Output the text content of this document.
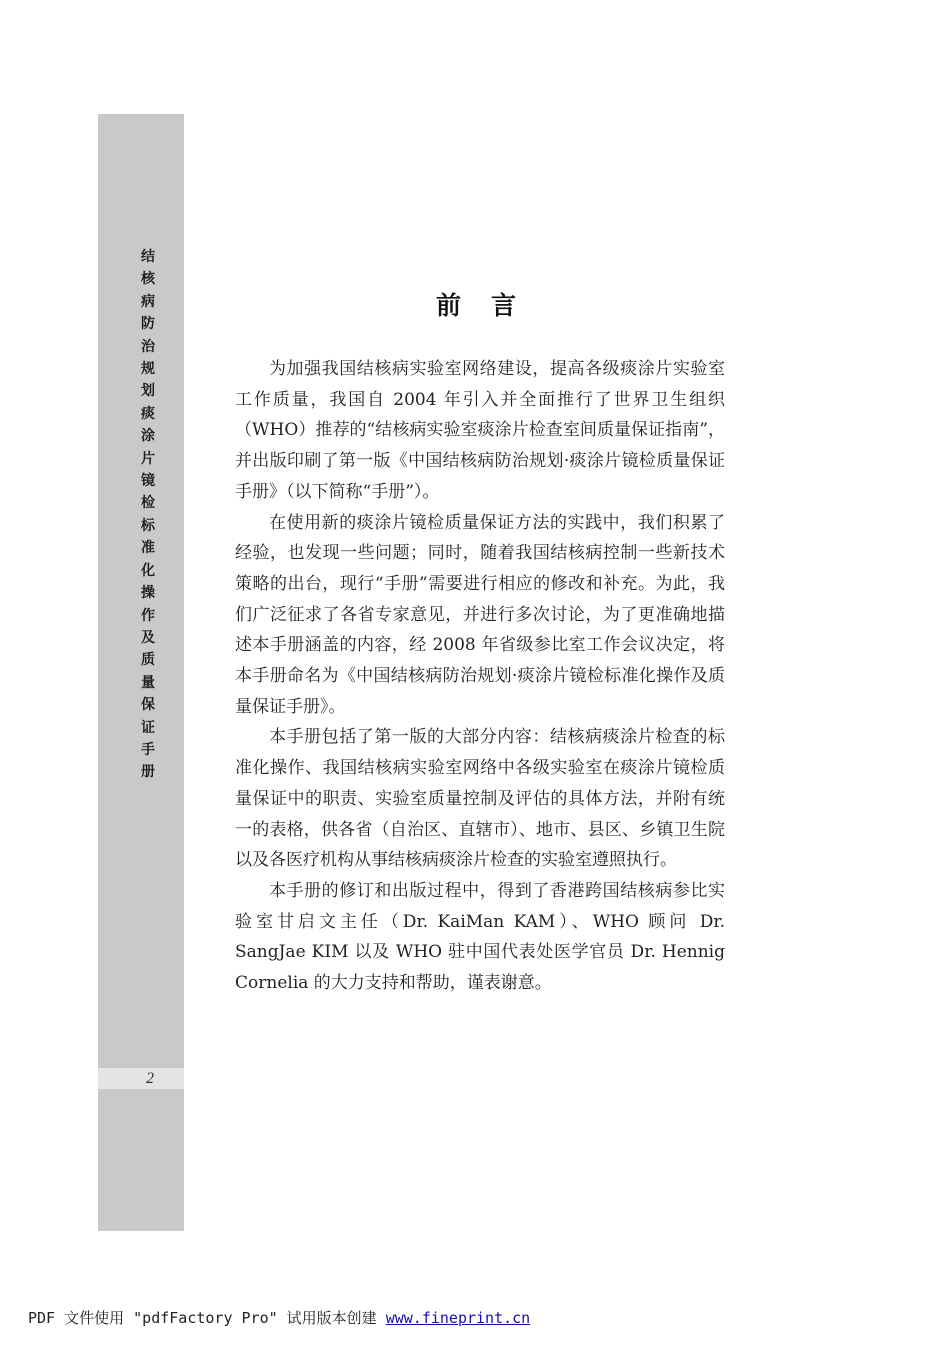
结核病防治规划　痰涂片镜检标准化操作及质量保证手册
2
前言

为加强我国结核病实验室网络建设，提高各级痰涂片实验室工作质量，我国自 2004 年引入并全面推行了世界卫生组织（WHO）推荐的“结核病实验室痰涂片检查室间质量保证指南”，并出版印刷了第一版《中国结核病防治规划·痰涂片镜检质量保证手册》（以下简称“手册”）。

在使用新的痰涂片镜检质量保证方法的实践中，我们积累了经验，也发现一些问题；同时，随着我国结核病控制一些新技术策略的出台，现行“手册”需要进行相应的修改和补充。为此，我们广泛征求了各省专家意见，并进行多次讨论，为了更准确地描述本手册涵盖的内容，经 2008 年省级参比室工作会议决定，将本手册命名为《中国结核病防治规划·痰涂片镜检标准化操作及质量保证手册》。

本手册包括了第一版的大部分内容：结核病痰涂片检查的标准化操作、我国结核病实验室网络中各级实验室在痰涂片镜检质量保证中的职责、实验室质量控制及评估的具体方法，并附有统一的表格，供各省（自治区、直辖市）、地市、县区、乡镇卫生院以及各医疗机构从事结核病痰涂片检查的实验室遵照执行。

本手册的修订和出版过程中，得到了香港跨国结核病参比实验室甘启文主任（Dr. KaiMan KAM）、WHO 顾问 Dr. SangJae KIM 以及 WHO 驻中国代表处医学官员 Dr. Hennig Cornelia 的大力支持和帮助，谨表谢意。

PDF 文件使用 "pdfFactory Pro" 试用版本创建 www.fineprint.cn
